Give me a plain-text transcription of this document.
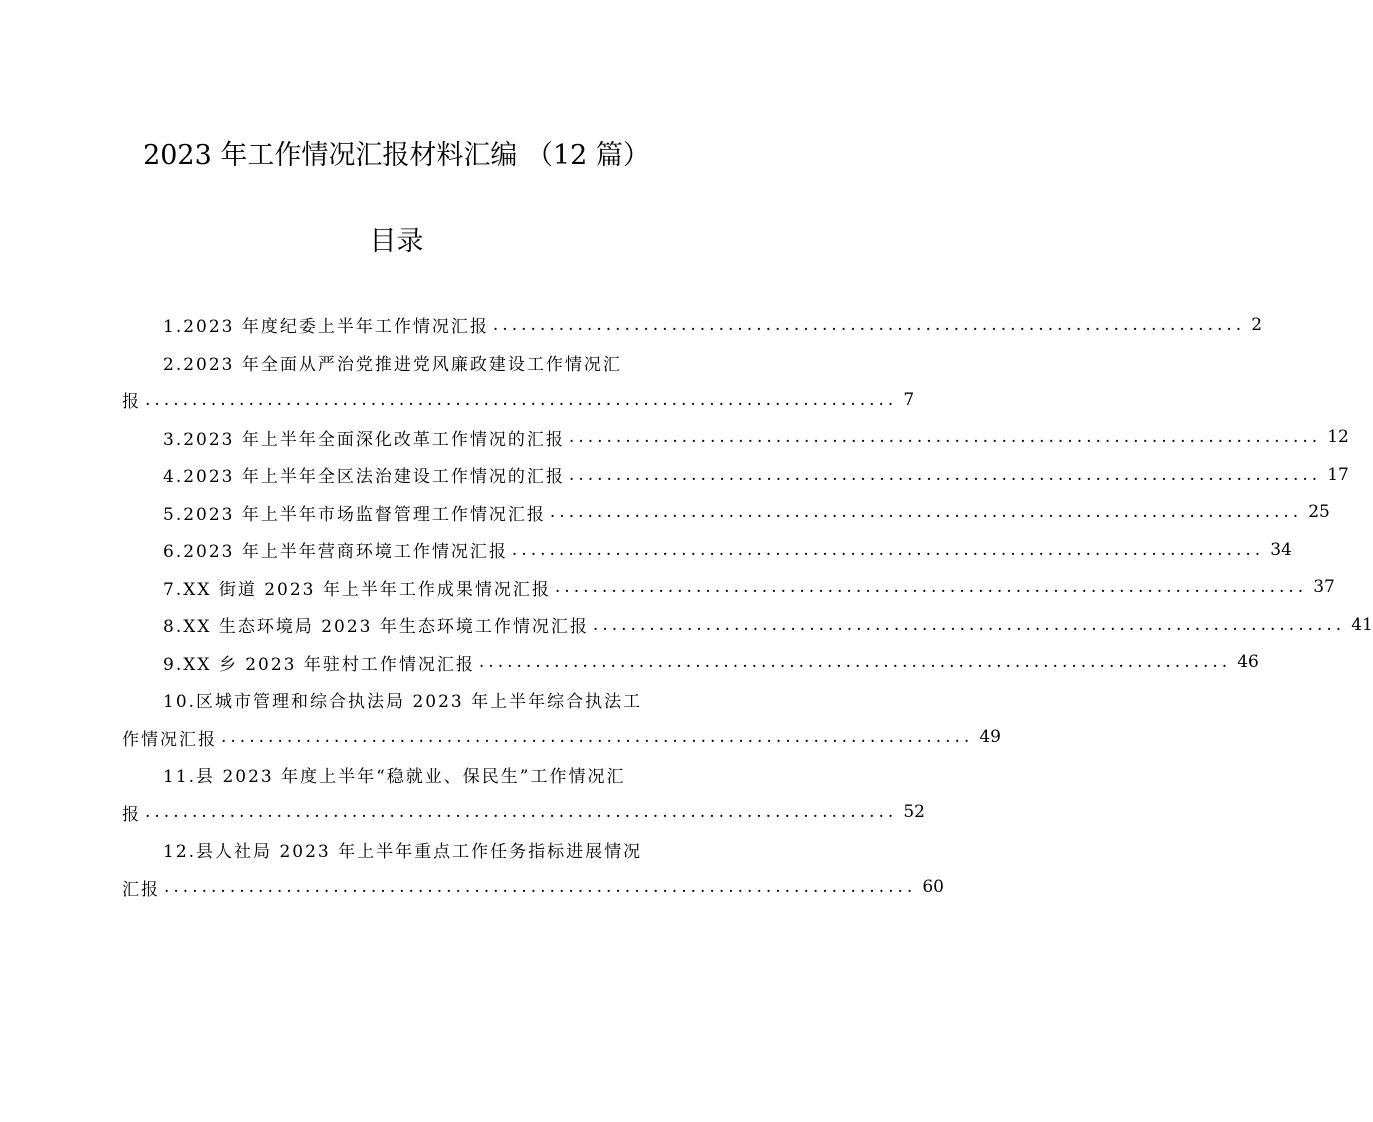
2023 年工作情况汇报材料汇编 （12 篇）
目录
1.2023 年度纪委上半年工作情况汇报 ................................................................................ 2
2.2023 年全面从严治党推进党风廉政建设工作情况汇
报 ................................................................................ 7
3.2023 年上半年全面深化改革工作情况的汇报 ................................................................................ 12
4.2023 年上半年全区法治建设工作情况的汇报 ................................................................................ 17
5.2023 年上半年市场监督管理工作情况汇报 ................................................................................ 25
6.2023 年上半年营商环境工作情况汇报 ................................................................................ 34
7.XX 街道 2023 年上半年工作成果情况汇报 ................................................................................ 37
8.XX 生态环境局 2023 年生态环境工作情况汇报 ................................................................................ 41
9.XX 乡 2023 年驻村工作情况汇报 ................................................................................ 46
10.区城市管理和综合执法局 2023 年上半年综合执法工
作情况汇报 ................................................................................ 49
11.县 2023 年度上半年“稳就业、保民生”工作情况汇
报 ................................................................................ 52
12.县人社局 2023 年上半年重点工作任务指标进展情况
汇报 ................................................................................ 60
